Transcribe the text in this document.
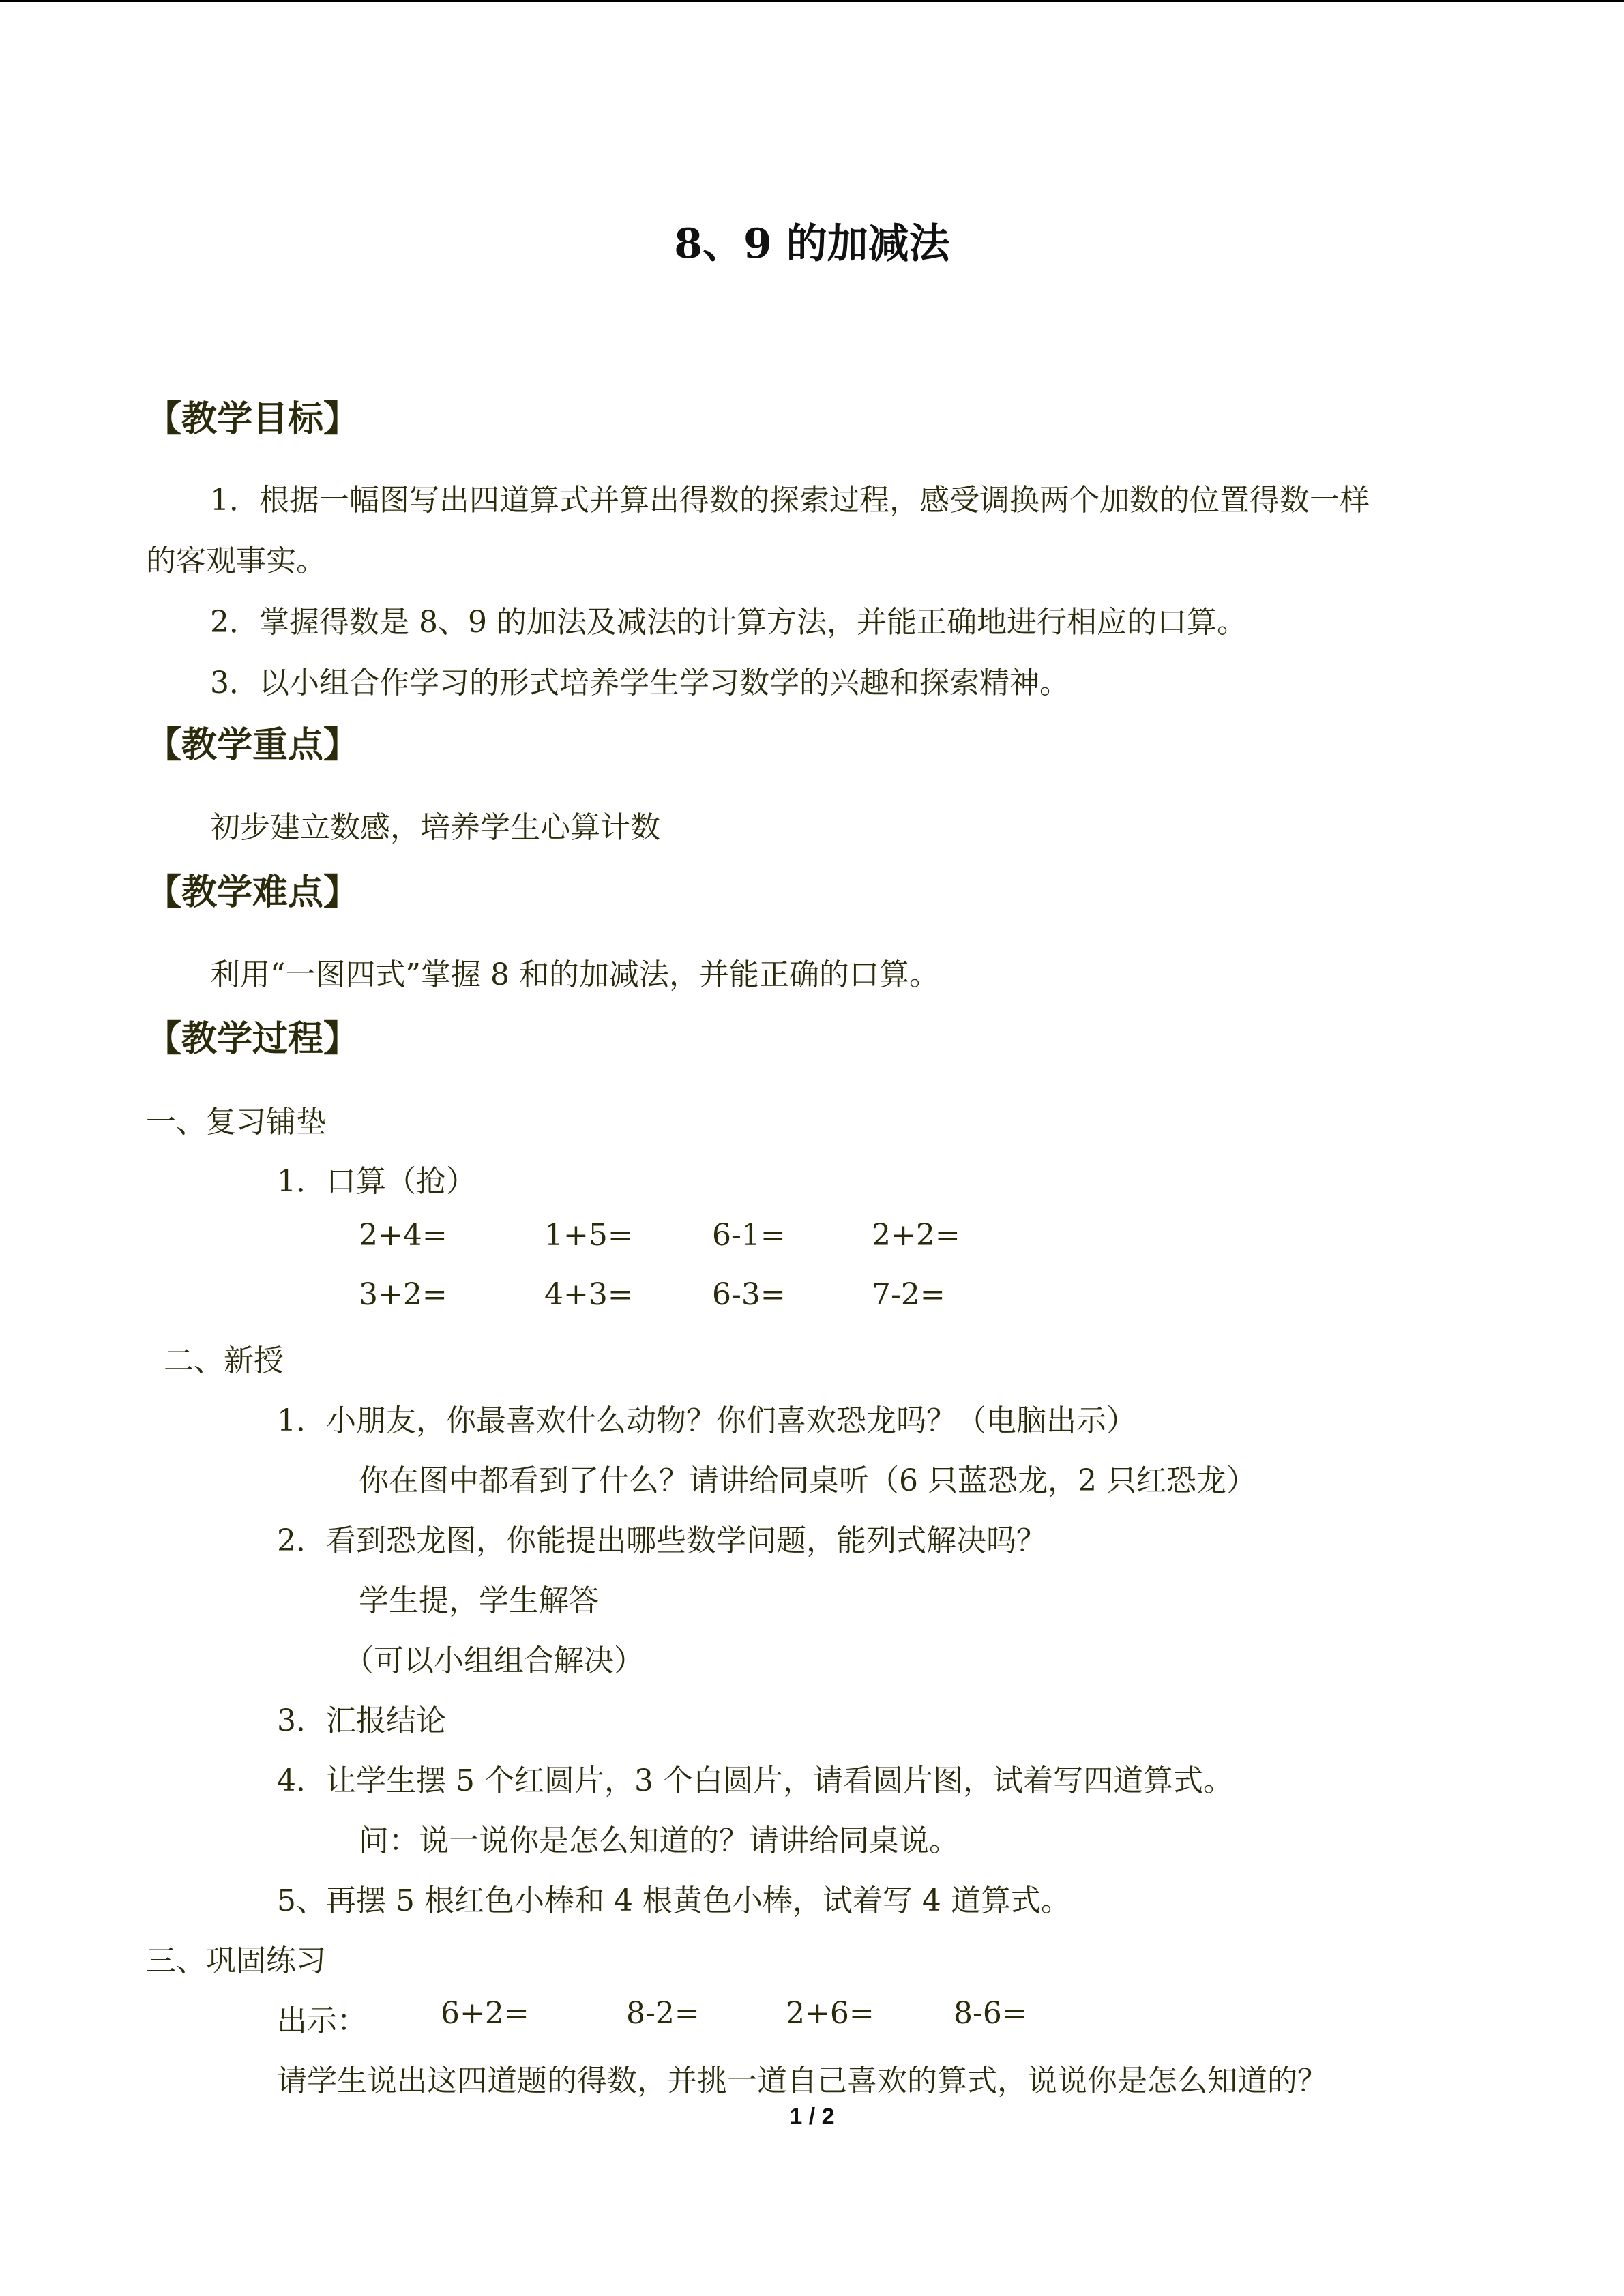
8、9 的加减法
【教学目标】
1．根据一幅图写出四道算式并算出得数的探索过程，感受调换两个加数的位置得数一样
的客观事实。
2．掌握得数是 8、9 的加法及减法的计算方法，并能正确地进行相应的口算。
3．以小组合作学习的形式培养学生学习数学的兴趣和探索精神。
【教学重点】
初步建立数感，培养学生心算计数
【教学难点】
利用“一图四式”掌握 8 和的加减法，并能正确的口算。
【教学过程】
一、复习铺垫
1．口算（抢）
2+4=	1+5=	6-1=	2+2=
3+2=	4+3=	6-3=	7-2=
二、新授
1．小朋友，你最喜欢什么动物？你们喜欢恐龙吗？（电脑出示）
你在图中都看到了什么？请讲给同桌听（6 只蓝恐龙，2 只红恐龙）
2．看到恐龙图，你能提出哪些数学问题，能列式解决吗？
学生提，学生解答
（可以小组组合解决）
3．汇报结论
4．让学生摆 5 个红圆片，3 个白圆片，请看圆片图，试着写四道算式。
问：说一说你是怎么知道的？请讲给同桌说。
5、再摆 5 根红色小棒和 4 根黄色小棒，试着写 4 道算式。
三、巩固练习
出示： 6+2=	8-2=	2+6=	8-6=
请学生说出这四道题的得数，并挑一道自己喜欢的算式，说说你是怎么知道的？
1 / 2
